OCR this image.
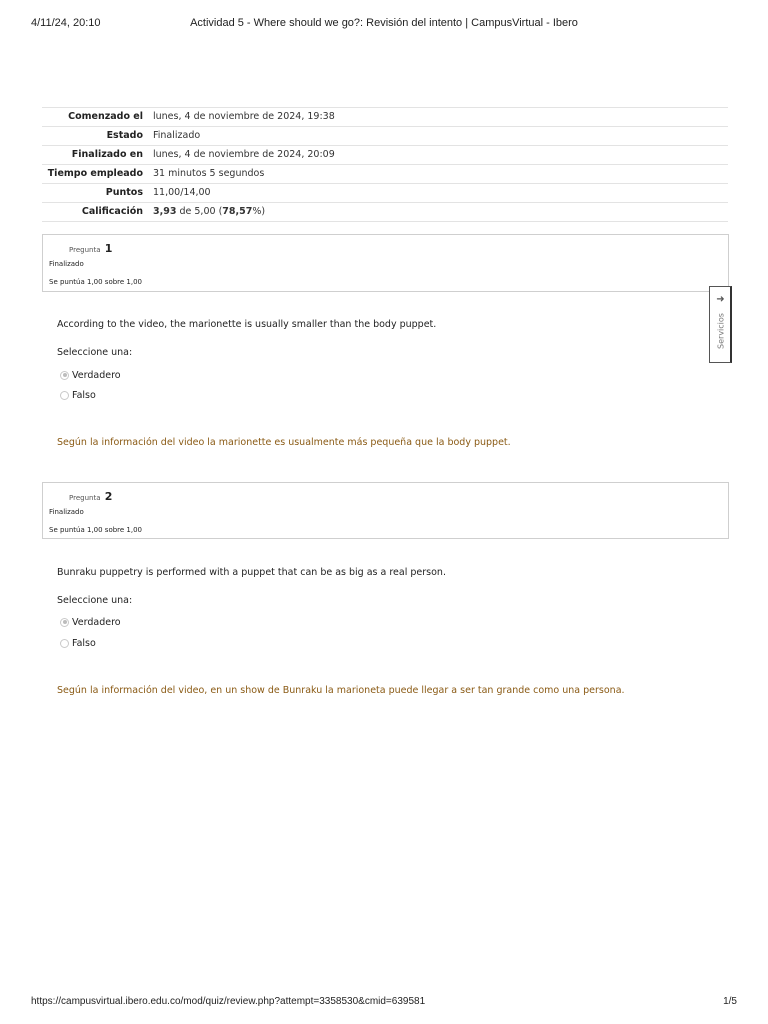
4/11/24, 20:10	Actividad 5 - Where should we go?: Revisión del intento | CampusVirtual - Ibero
Comenzado el	lunes, 4 de noviembre de 2024, 19:38
Estado	Finalizado
Finalizado en	lunes, 4 de noviembre de 2024, 20:09
Tiempo empleado	31 minutos 5 segundos
Puntos	11,00/14,00
Calificación	3,93 de 5,00 (78,57%)
Pregunta 1
Finalizado
Se puntúa 1,00 sobre 1,00
According to the video, the marionette is usually smaller than the body puppet.
Seleccione una:
Verdadero
Falso
Según la información del video la marionette es usualmente más pequeña que la body puppet.
Pregunta 2
Finalizado
Se puntúa 1,00 sobre 1,00
Bunraku puppetry is performed with a puppet that can be as big as a real person.
Seleccione una:
Verdadero
Falso
Según la información del video, en un show de Bunraku la marioneta puede llegar a ser tan grande como una persona.
➜
Servicios
https://campusvirtual.ibero.edu.co/mod/quiz/review.php?attempt=3358530&cmid=639581	1/5
